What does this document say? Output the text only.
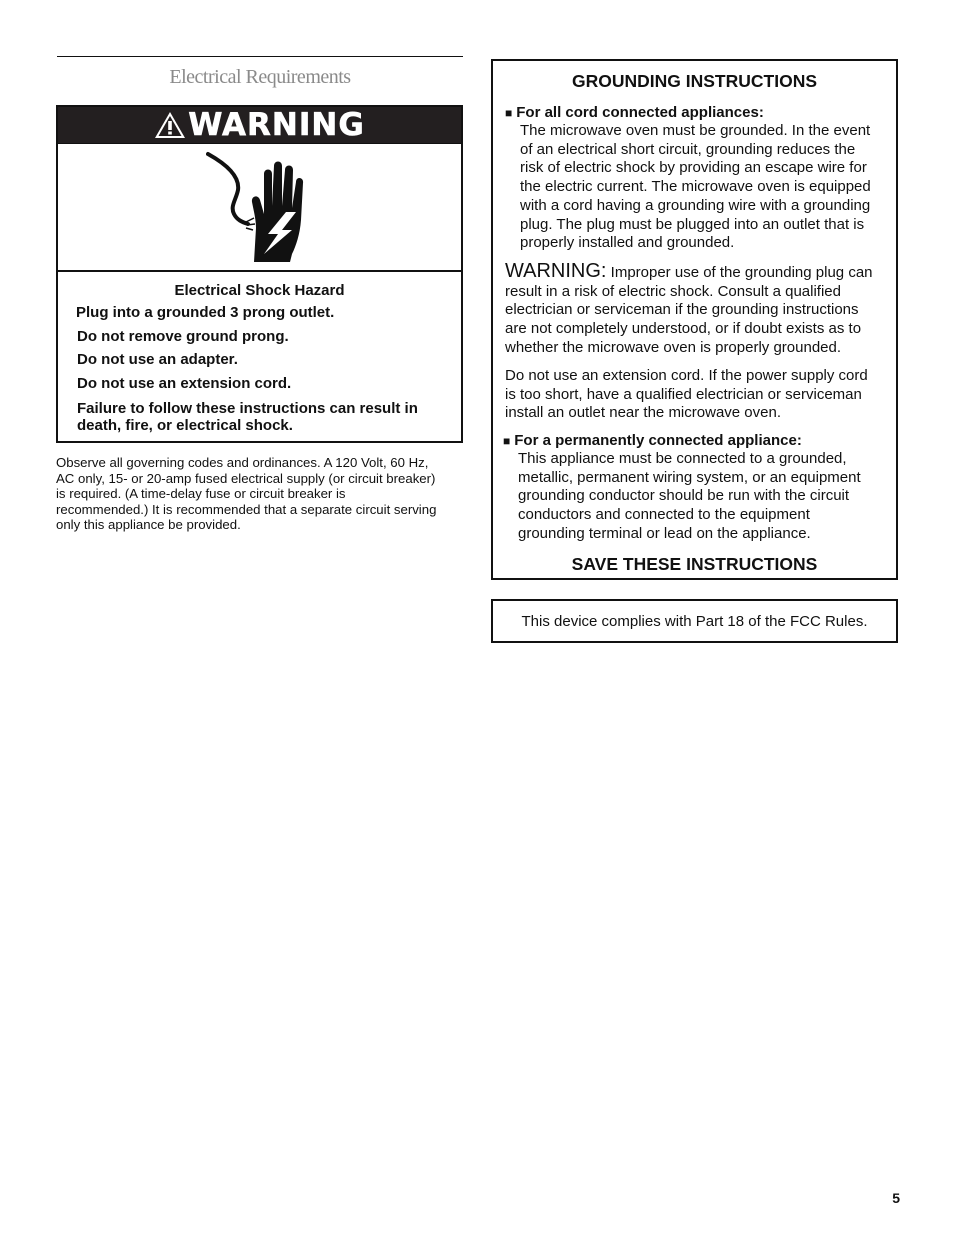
Electrical Requirements
WARNING
Electrical Shock Hazard
Plug into a grounded 3 prong outlet.
Do not remove ground prong.
Do not use an adapter.
Do not use an extension cord.
Failure to follow these instructions can result in
death, fire, or electrical shock.
Observe all governing codes and ordinances. A 120 Volt, 60 Hz,
AC only, 15- or 20-amp fused electrical supply (or circuit breaker)
is required. (A time-delay fuse or circuit breaker is
recommended.) It is recommended that a separate circuit serving
only this appliance be provided.
GROUNDING INSTRUCTIONS
■ For all cord connected appliances:
The microwave oven must be grounded. In the event
of an electrical short circuit, grounding reduces the
risk of electric shock by providing an escape wire for
the electric current. The microwave oven is equipped
with a cord having a grounding wire with a grounding
plug. The plug must be plugged into an outlet that is
properly installed and grounded.
WARNING: Improper use of the grounding plug can
result in a risk of electric shock. Consult a qualified
electrician or serviceman if the grounding instructions
are not completely understood, or if doubt exists as to
whether the microwave oven is properly grounded.
Do not use an extension cord. If the power supply cord
is too short, have a qualified electrician or serviceman
install an outlet near the microwave oven.
■ For a permanently connected appliance:
This appliance must be connected to a grounded,
metallic, permanent wiring system, or an equipment
grounding conductor should be run with the circuit
conductors and connected to the equipment
grounding terminal or lead on the appliance.
SAVE THESE INSTRUCTIONS
This device complies with Part 18 of the FCC Rules.
5
